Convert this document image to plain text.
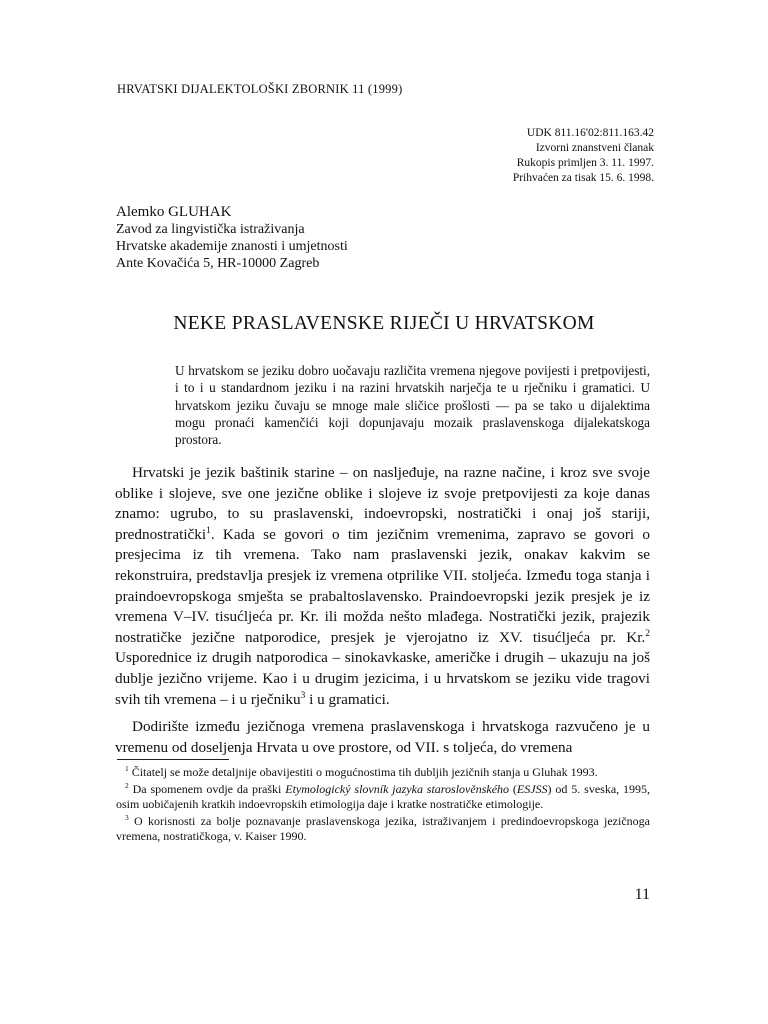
HRVATSKI DIJALEKTOLOŠKI ZBORNIK 11 (1999)
UDK 811.16'02:811.163.42
Izvorni znanstveni članak
Rukopis primljen 3. 11. 1997.
Prihvaćen za tisak 15. 6. 1998.
Alemko GLUHAK
Zavod za lingvistička istraživanja
Hrvatske akademije znanosti i umjetnosti
Ante Kovačića 5, HR-10000 Zagreb
NEKE PRASLAVENSKE RIJEČI U HRVATSKOM
U hrvatskom se jeziku dobro uočavaju različita vremena njegove povijesti i pretpovijesti, i to i u standardnom jeziku i na razini hrvatskih narječja te u rječniku i gramatici. U hrvatskom jeziku čuvaju se mnoge male sličice prošlosti — pa se tako u dijalektima mogu pronaći kamenčići koji dopunjavaju mozaik praslavenskoga dijalekatskoga prostora.

Hrvatski je jezik baštinik starine – on nasljeđuje, na razne načine, i kroz sve svoje oblike i slojeve, sve one jezične oblike i slojeve iz svoje pretpovijesti za koje danas znamo: ugrubo, to su praslavenski, indoevropski, nostratički i onaj još stariji, prednostratički$^1$. Kada se govori o tim jezičnim vremenima, zapravo se govori o presjecima iz tih vremena. Tako nam praslavenski jezik, onakav kakvim se rekonstruira, predstavlja presjek iz vremena otprilike VII. stoljeća. Između toga stanja i praindoevropskoga smješta se prabaltoslavensko. Praindoevropski jezik presjek je iz vremena V–IV. tisućljeća pr. Kr. ili možda nešto mlađega. Nostratički jezik, prajezik nostratičke jezične natporodice, presjek je vjerojatno iz XV. tisućljeća pr. Kr.$^2$ Usporednice iz drugih natporodica – sinokavkaske, američke i drugih – ukazuju na još dublje jezično vrijeme. Kao i u drugim jezicima, i u hrvatskom se jeziku vide tragovi svih tih vremena – i u rječniku$^3$ i u gramatici.

Dodirište između jezičnoga vremena praslavenskoga i hrvatskoga razvučeno je u vremenu od doseljenja Hrvata u ove prostore, od VII. s toljeća, do vremena

$^1$ Čitatelj se može detaljnije obavijestiti o mogućnostima tih dubljih jezičnih stanja u Gluhak 1993.
$^2$ Da spomenem ovdje da praški Etymologický slovník jazyka staroslověnského (ESJSS) od 5. sveska, 1995, osim uobičajenih kratkih indoevropskih etimologija daje i kratke nostratičke etimologije.
$^3$ O korisnosti za bolje poznavanje praslavenskoga jezika, istraživanjem i predindoevropskoga jezičnoga vremena, nostratičkoga, v. Kaiser 1990.
11
